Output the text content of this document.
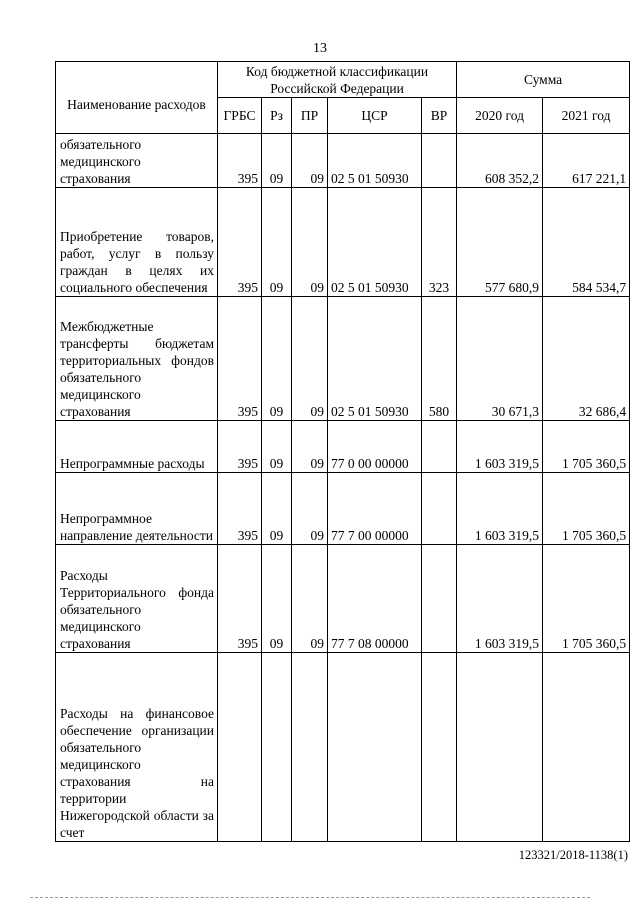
13
Наименование расходов	Код бюджетной классификации Российской Федерации					Сумма	
	ГРБС	Рз	ПР	ЦСР	ВР	2020 год	2021 год
обязательного медицинского страхования	395	09	09	02 5 01 50930		608 352,2	617 221,1
Приобретение товаров, работ, услуг в пользу граждан в целях их социального обеспечения	395	09	09	02 5 01 50930	323	577 680,9	584 534,7
Межбюджетные трансферты бюджетам территориальных фондов обязательного медицинского страхования	395	09	09	02 5 01 50930	580	30 671,3	32 686,4
Непрограммные расходы	395	09	09	77 0 00 00000		1 603 319,5	1 705 360,5
Непрограммное направление деятельности	395	09	09	77 7 00 00000		1 603 319,5	1 705 360,5
Расходы Территориального фонда обязательного медицинского страхования	395	09	09	77 7 08 00000		1 603 319,5	1 705 360,5
Расходы на финансовое обеспечение организации обязательного медицинского страхования на территории Нижегородской области за счет							
123321/2018-1138(1)
